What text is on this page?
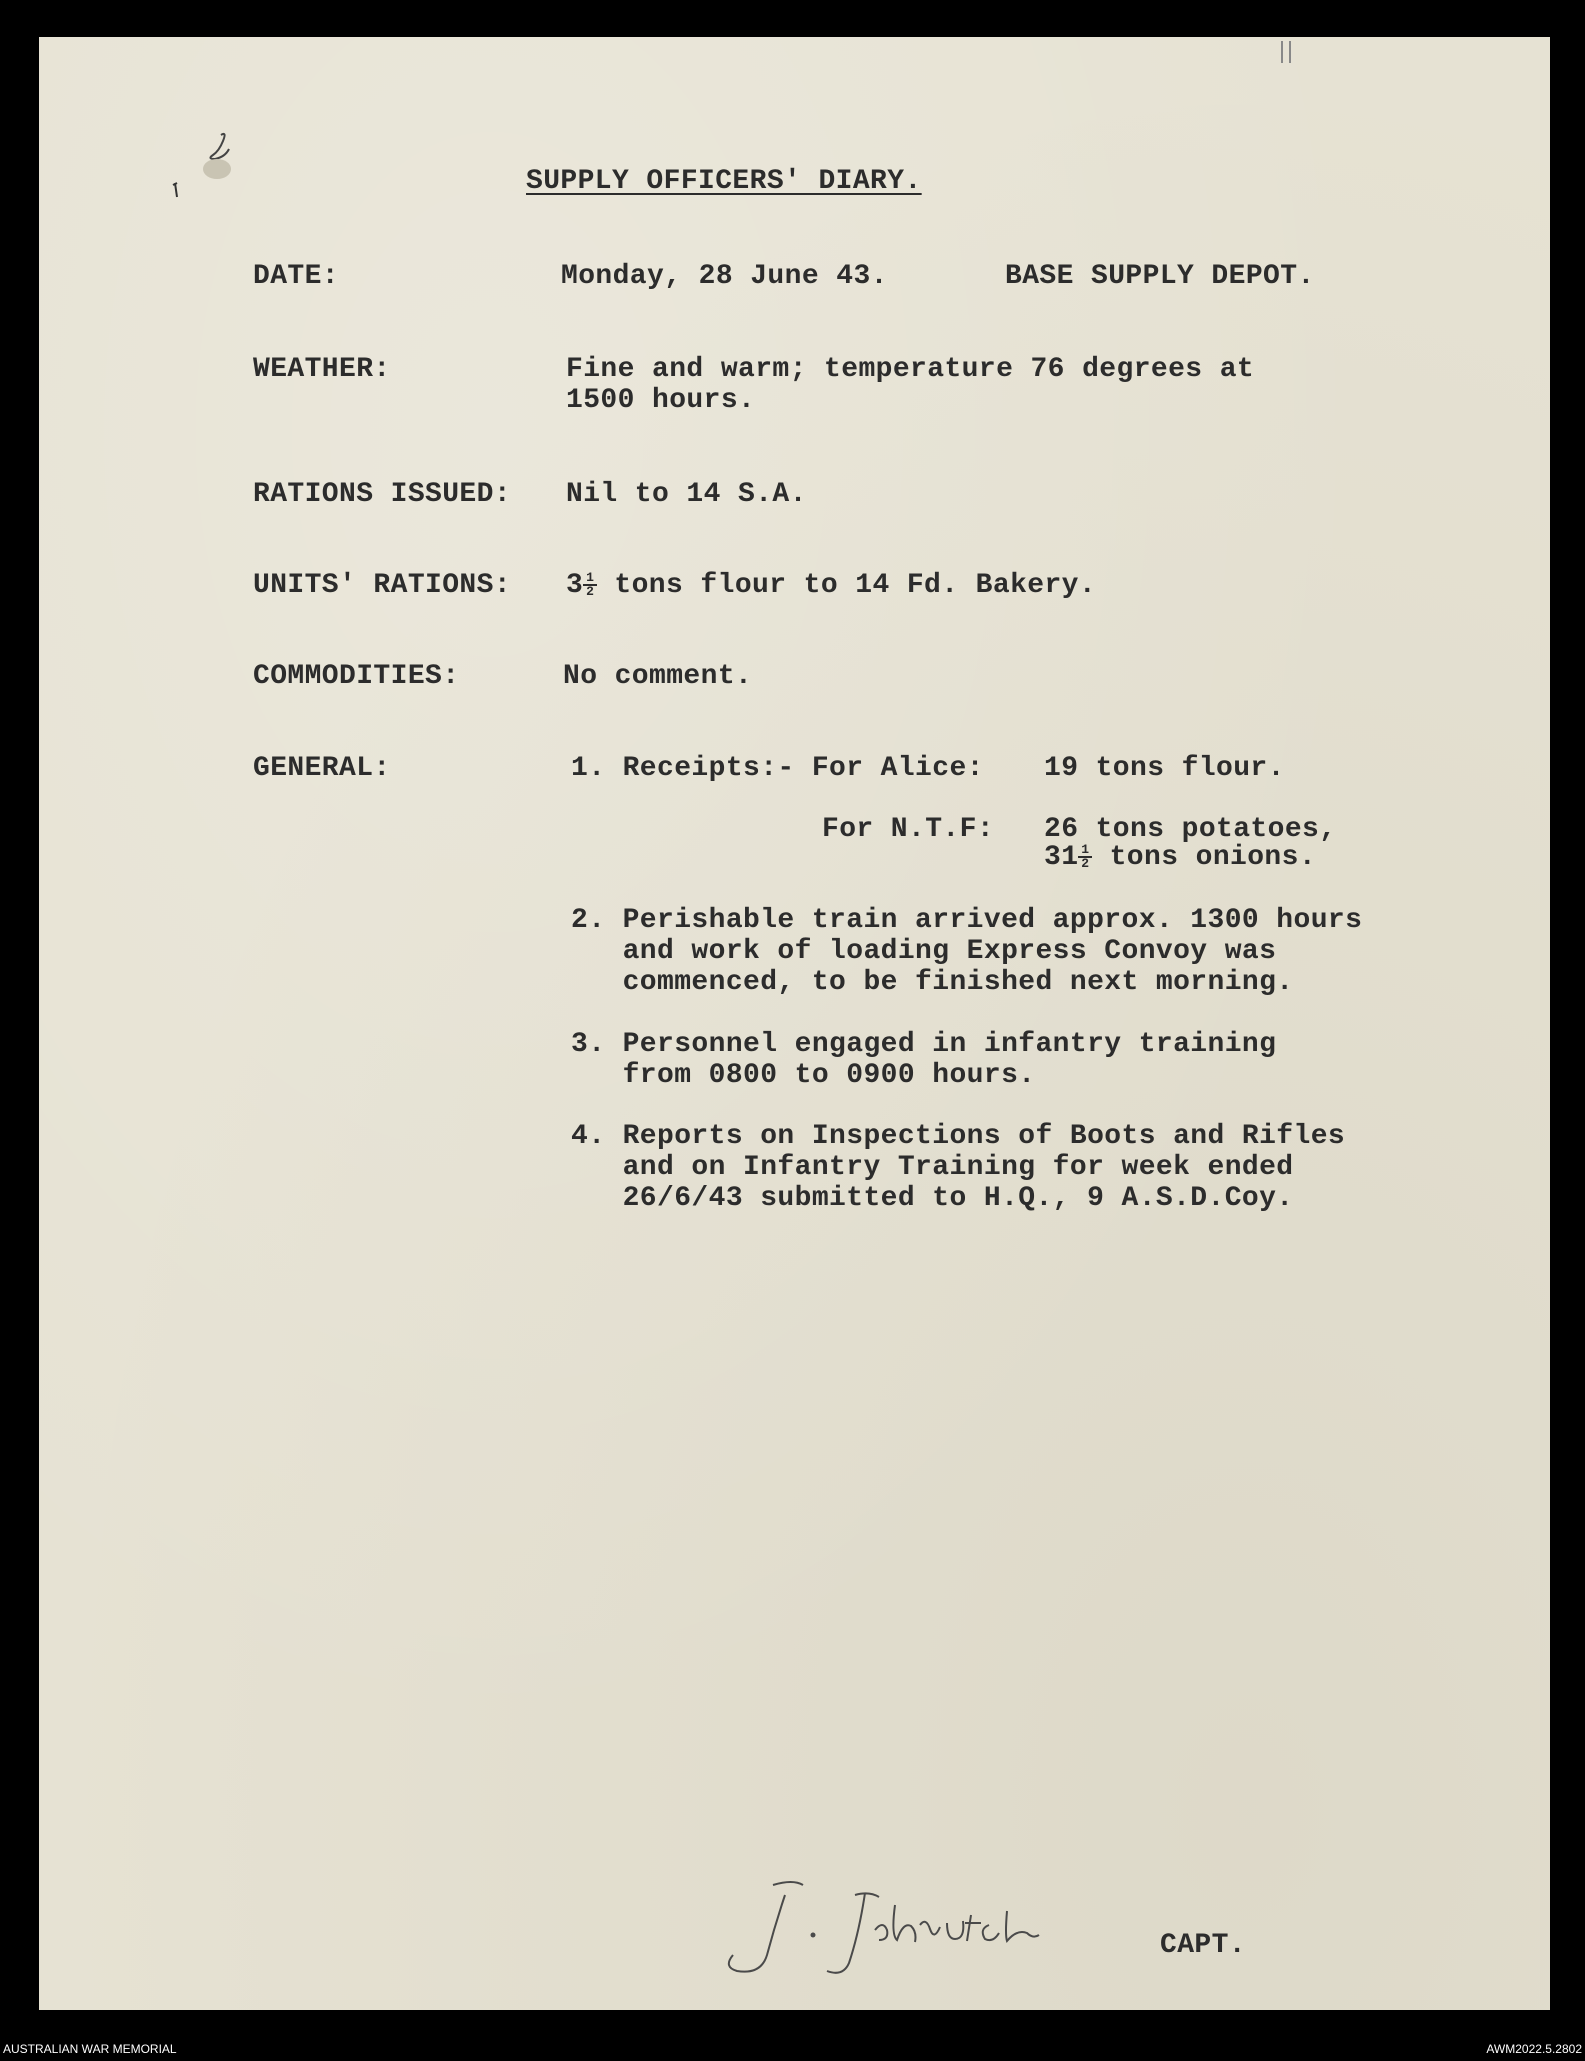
SUPPLY OFFICERS' DIARY.
DATE:	Monday, 28 June 43.	BASE SUPPLY DEPOT.
WEATHER:	Fine and warm; temperature 76 degrees at
1500 hours.
RATIONS ISSUED: Nil to 14 S.A.
UNITS' RATIONS: $3 \frac{1}{2}$ tons flour to 14 Fd. Bakery.
COMMODITIES:	No comment.
GENERAL:	1. Receipts:- For Alice: 19 tons flour.
For N.T.F: 26 tons potatoes,
$31 \frac{1}{2}$ tons onions.
2. Perishable train arrived approx. 1300 hours
and work of loading Express Convoy was
commenced, to be finished next morning.
3. Personnel engaged in infantry training
from 0800 to 0900 hours.
4. Reports on Inspections of Boots and Rifles
and on Infantry Training for week ended
26/6/43 submitted to H.Q., 9 A.S.D.Coy.
CAPT.
AUSTRALIAN WAR MEMORIAL	AWM2022.5.2802
